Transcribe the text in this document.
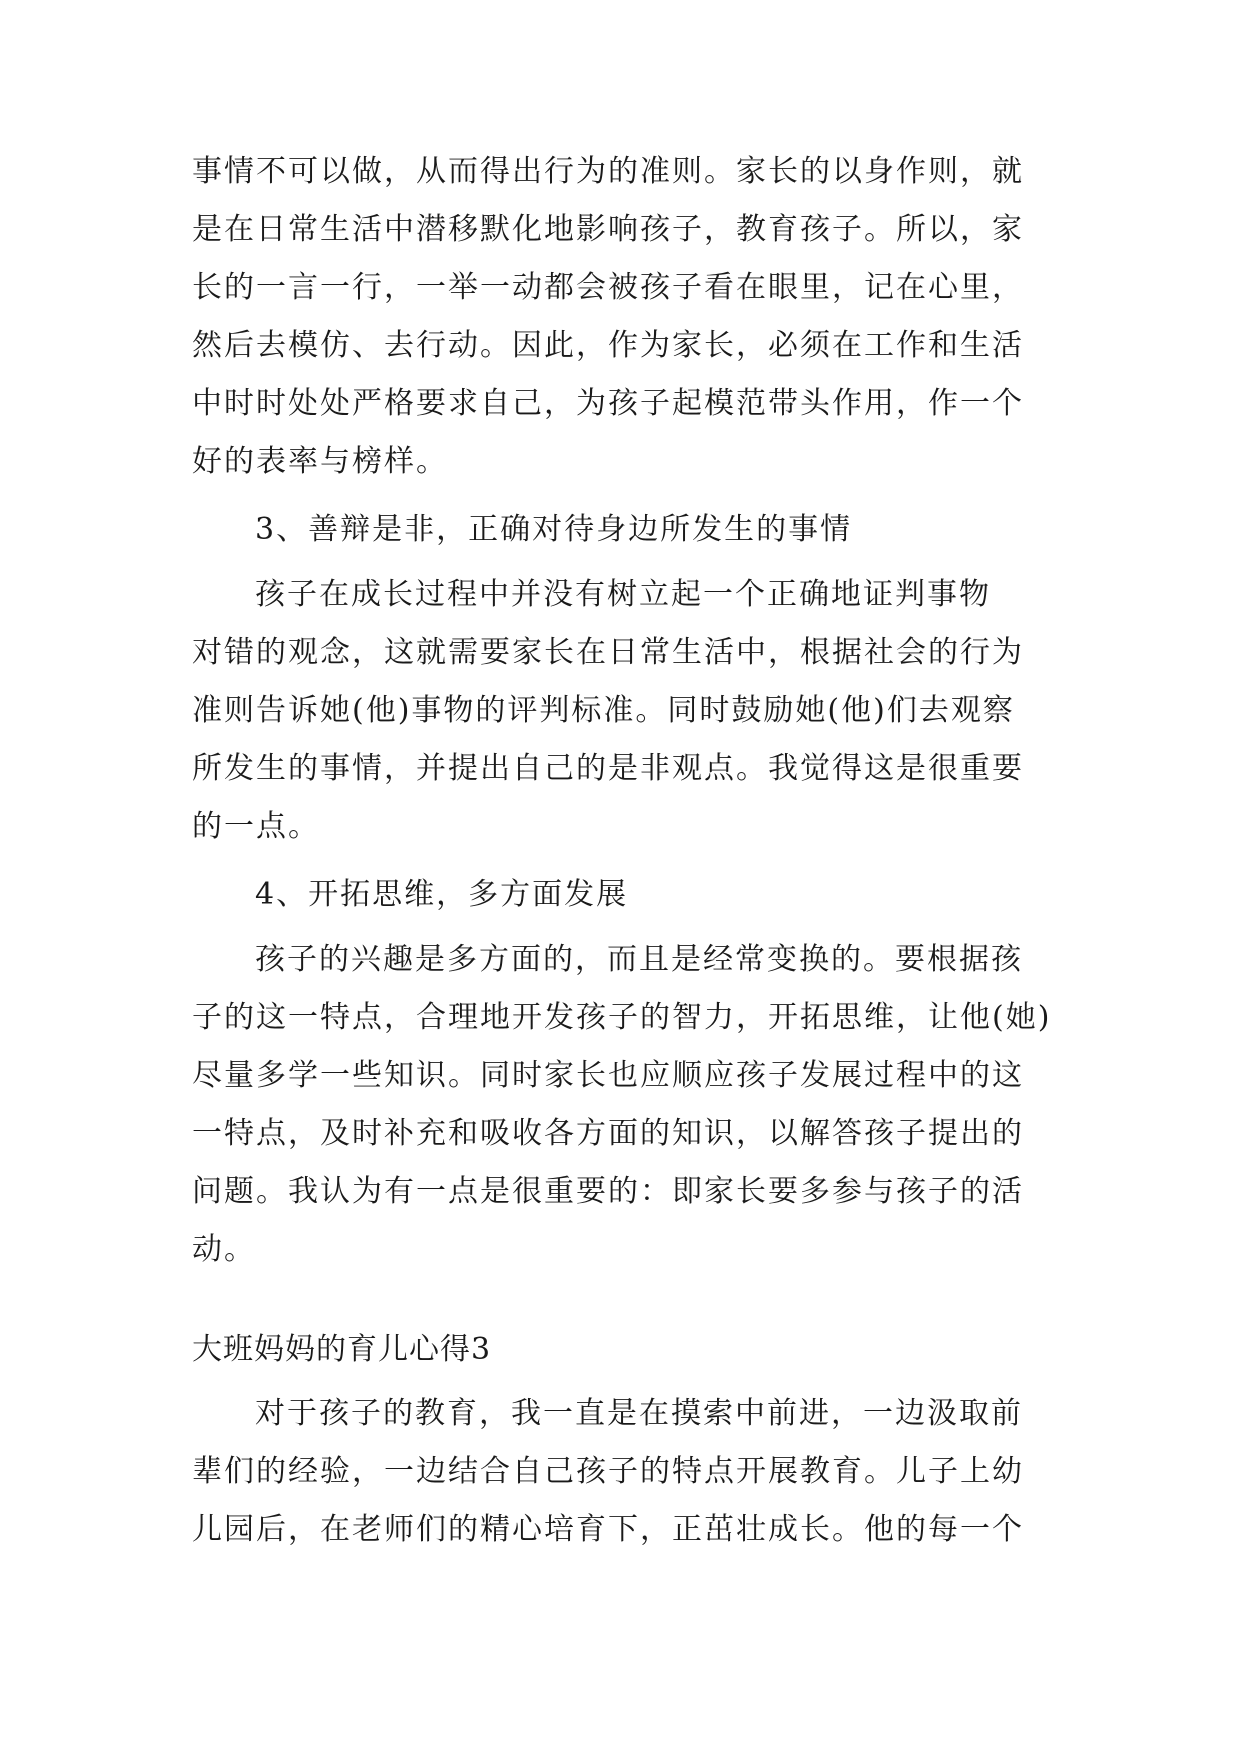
事情不可以做，从而得出行为的准则。家长的以身作则，就
是在日常生活中潜移默化地影响孩子，教育孩子。所以，家
长的一言一行，一举一动都会被孩子看在眼里，记在心里，
然后去模仿、去行动。因此，作为家长，必须在工作和生活
中时时处处严格要求自己，为孩子起模范带头作用，作一个
好的表率与榜样。
3、善辩是非，正确对待身边所发生的事情
孩子在成长过程中并没有树立起一个正确地证判事物
对错的观念，这就需要家长在日常生活中，根据社会的行为
准则告诉她(他)事物的评判标准。同时鼓励她(他)们去观察
所发生的事情，并提出自己的是非观点。我觉得这是很重要
的一点。
4、开拓思维，多方面发展
孩子的兴趣是多方面的，而且是经常变换的。要根据孩
子的这一特点，合理地开发孩子的智力，开拓思维，让他(她)
尽量多学一些知识。同时家长也应顺应孩子发展过程中的这
一特点，及时补充和吸收各方面的知识，以解答孩子提出的
问题。我认为有一点是很重要的：即家长要多参与孩子的活
动。
大班妈妈的育儿心得3
对于孩子的教育，我一直是在摸索中前进，一边汲取前
辈们的经验，一边结合自己孩子的特点开展教育。儿子上幼
儿园后，在老师们的精心培育下，正茁壮成长。他的每一个
